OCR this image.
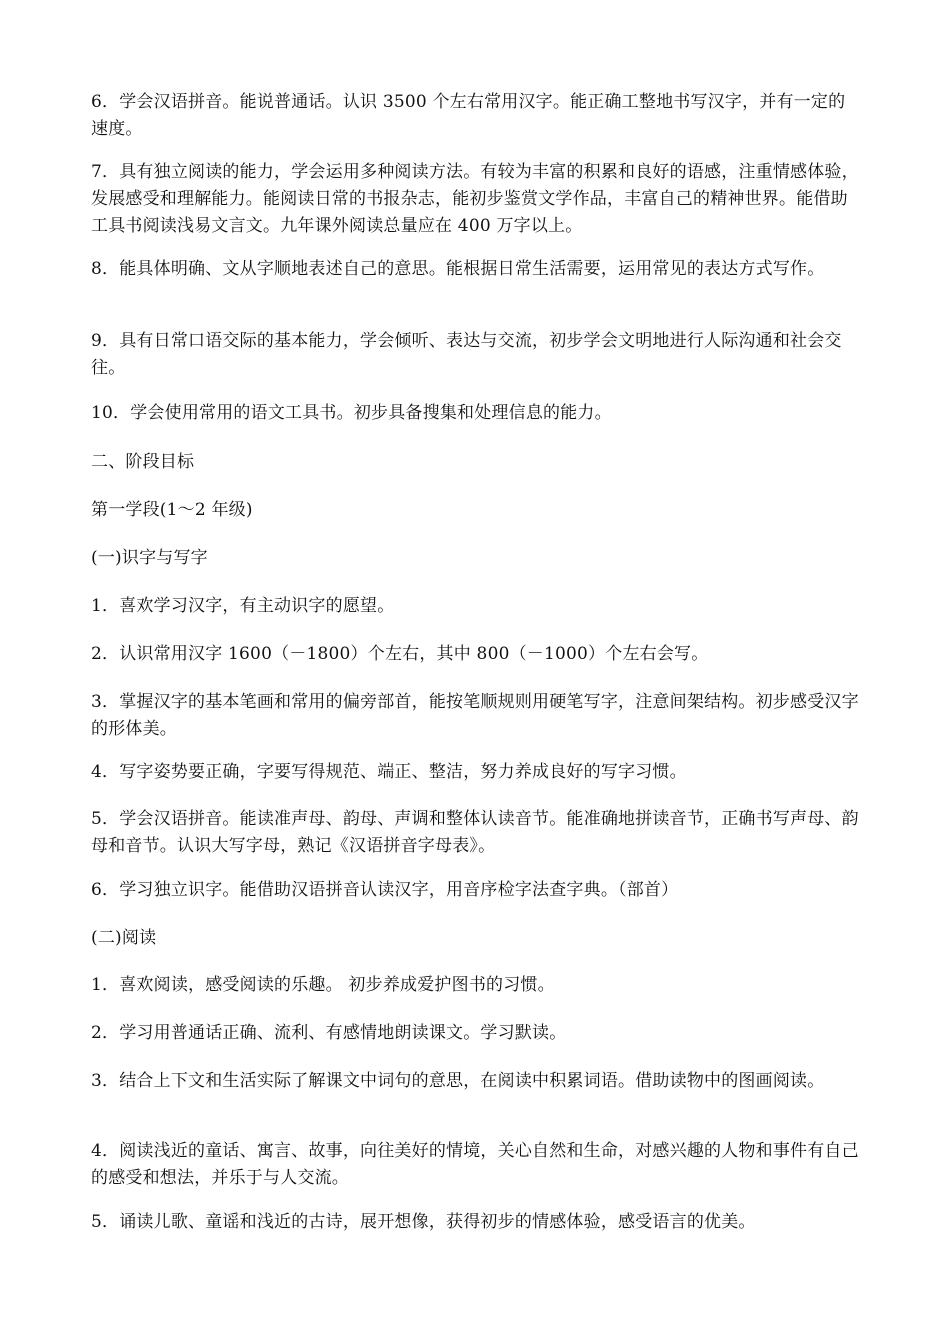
6．学会汉语拼音。能说普通话。认识 3500 个左右常用汉字。能正确工整地书写汉字，并有一定的速度。

7．具有独立阅读的能力，学会运用多种阅读方法。有较为丰富的积累和良好的语感，注重情感体验，发展感受和理解能力。能阅读日常的书报杂志，能初步鉴赏文学作品，丰富自己的精神世界。能借助工具书阅读浅易文言文。九年课外阅读总量应在 400 万字以上。

8．能具体明确、文从字顺地表述自己的意思。能根据日常生活需要，运用常见的表达方式写作。

9．具有日常口语交际的基本能力，学会倾听、表达与交流，初步学会文明地进行人际沟通和社会交往。

10．学会使用常用的语文工具书。初步具备搜集和处理信息的能力。

二、阶段目标

第一学段(1～2 年级)

(一)识字与写字

1．喜欢学习汉字，有主动识字的愿望。

2．认识常用汉字 1600（－1800）个左右，其中 800（－1000）个左右会写。

3．掌握汉字的基本笔画和常用的偏旁部首，能按笔顺规则用硬笔写字，注意间架结构。初步感受汉字的形体美。

4．写字姿势要正确，字要写得规范、端正、整洁，努力养成良好的写字习惯。

5．学会汉语拼音。能读准声母、韵母、声调和整体认读音节。能准确地拼读音节，正确书写声母、韵母和音节。认识大写字母，熟记《汉语拼音字母表》。

6．学习独立识字。能借助汉语拼音认读汉字，用音序检字法查字典。（部首）

(二)阅读

1．喜欢阅读，感受阅读的乐趣。 初步养成爱护图书的习惯。

2．学习用普通话正确、流利、有感情地朗读课文。学习默读。

3．结合上下文和生活实际了解课文中词句的意思，在阅读中积累词语。借助读物中的图画阅读。

4．阅读浅近的童话、寓言、故事，向往美好的情境，关心自然和生命，对感兴趣的人物和事件有自己的感受和想法，并乐于与人交流。

5．诵读儿歌、童谣和浅近的古诗，展开想像，获得初步的情感体验，感受语言的优美。
